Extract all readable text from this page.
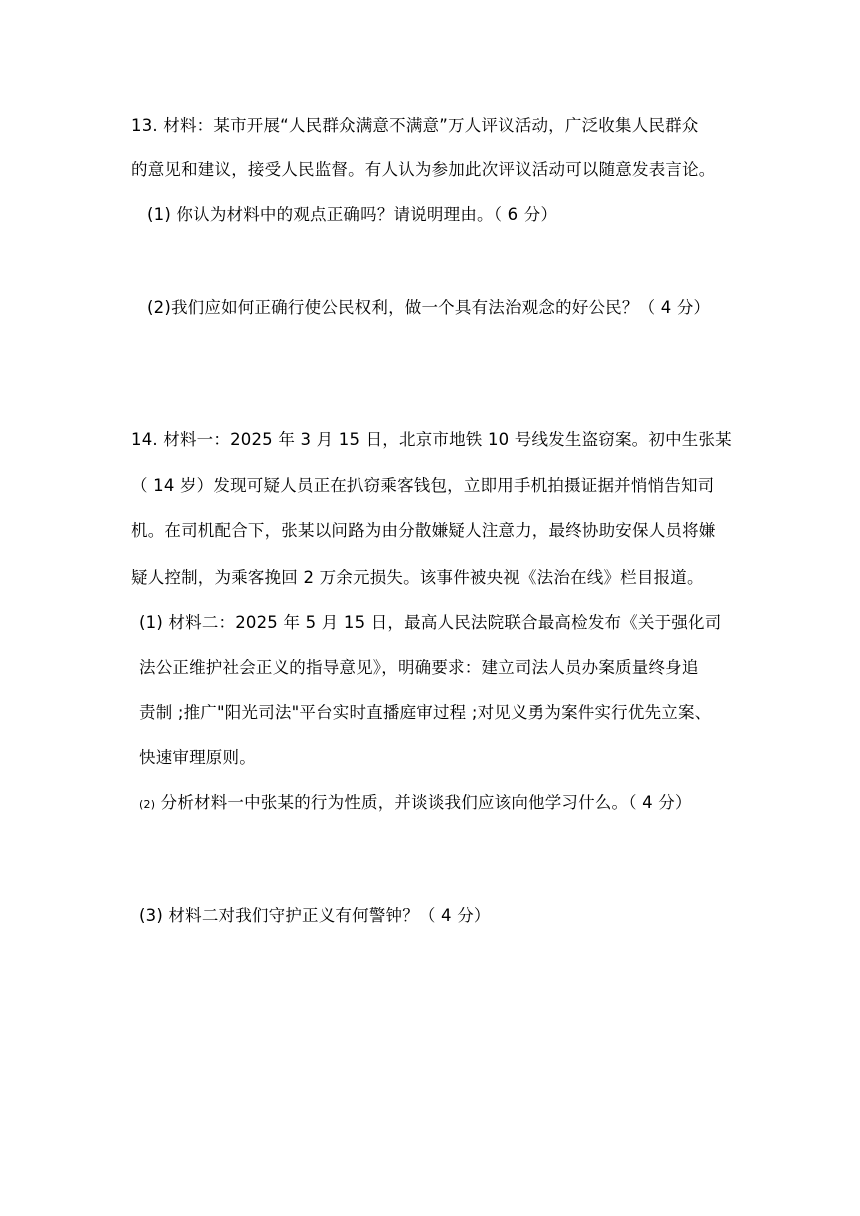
13. 材料：某市开展“人民群众满意不满意”万人评议活动，广泛收集人民群众
的意见和建议，接受人民监督。有人认为参加此次评议活动可以随意发表言论。
(1) 你认为材料中的观点正确吗？请说明理由。（ 6 分）
(2)我们应如何正确行使公民权利，做一个具有法治观念的好公民？（ 4 分）
14. 材料一：2025 年 3 月 15 日，北京市地铁 10 号线发生盗窃案。初中生张某
（ 14 岁）发现可疑人员正在扒窃乘客钱包，立即用手机拍摄证据并悄悄告知司
机。在司机配合下，张某以问路为由分散嫌疑人注意力，最终协助安保人员将嫌
疑人控制，为乘客挽回 2 万余元损失。该事件被央视《法治在线》栏目报道。
(1) 材料二：2025 年 5 月 15 日，最高人民法院联合最高检发布《关于强化司
法公正维护社会正义的指导意见》，明确要求：建立司法人员办案质量终身追
责制 ;推广"阳光司法"平台实时直播庭审过程 ;对见义勇为案件实行优先立案、
快速审理原则。
(2) 分析材料一中张某的行为性质，并谈谈我们应该向他学习什么。（ 4 分）
(3) 材料二对我们守护正义有何警钟？（ 4 分）
